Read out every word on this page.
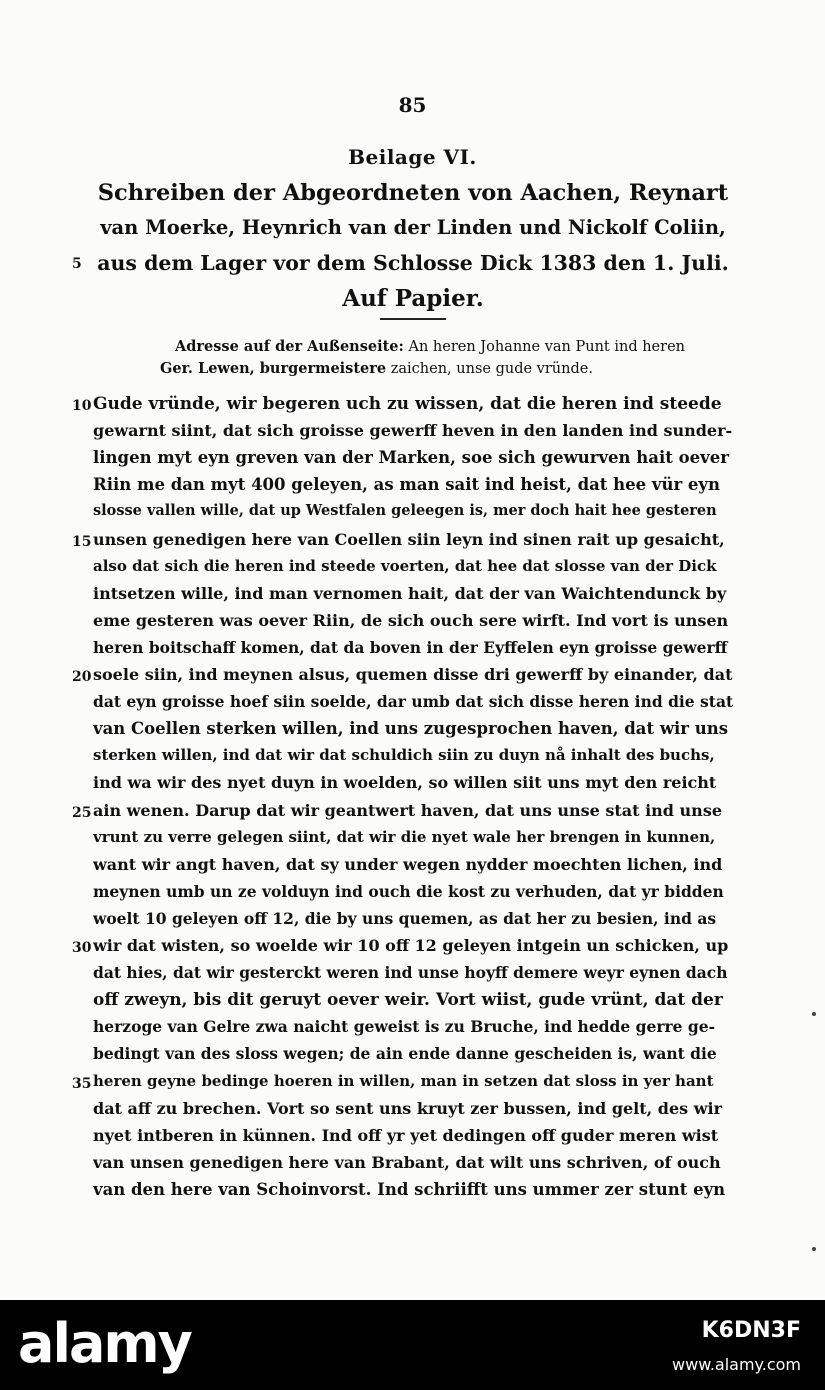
85
Beilage VI.
Schreiben der Abgeordneten von Aachen, Reynart
van Moerke, Heynrich van der Linden und Nickolf Coliin,
5 aus dem Lager vor dem Schlosse Dick 1383 den 1. Juli.
Auf Papier.
Adresse auf der Außenseite: An heren Johanne van Punt ind heren
Ger. Lewen, burgermeistere zaichen, unse gude vründe.
10 Gude vründe, wir begeren uch zu wissen, dat die heren ind steede
gewarnt siint, dat sich groisse gewerff heven in den landen ind sunder-
lingen myt eyn greven van der Marken, soe sich gewurven hait oever
Riin me dan myt 400 geleyen, as man sait ind heist, dat hee vür eyn
slosse vallen wille, dat up Westfalen geleegen is, mer doch hait hee gesteren
15 unsen genedigen here van Coellen siin leyn ind sinen rait up gesaicht,
also dat sich die heren ind steede voerten, dat hee dat slosse van der Dick
intsetzen wille, ind man vernomen hait, dat der van Waichtendunck by
eme gesteren was oever Riin, de sich ouch sere wirft. Ind vort is unsen
heren boitschaff komen, dat da boven in der Eyffelen eyn groisse gewerff
20 soele siin, ind meynen alsus, quemen disse dri gewerff by einander, dat
dat eyn groisse hoef siin soelde, dar umb dat sich disse heren ind die stat
van Coellen sterken willen, ind uns zugesprochen haven, dat wir uns
sterken willen, ind dat wir dat schuldich siin zu duyn nå inhalt des buchs,
ind wa wir des nyet duyn in woelden, so willen siit uns myt den reicht
25 ain wenen. Darup dat wir geantwert haven, dat uns unse stat ind unse
vrunt zu verre gelegen siint, dat wir die nyet wale her brengen in kunnen,
want wir angt haven, dat sy under wegen nydder moechten lichen, ind
meynen umb un ze volduyn ind ouch die kost zu verhuden, dat yr bidden
woelt 10 geleyen off 12, die by uns quemen, as dat her zu besien, ind as
30 wir dat wisten, so woelde wir 10 off 12 geleyen intgein un schicken, up
dat hies, dat wir gesterckt weren ind unse hoyff demere weyr eynen dach
off zweyn, bis dit geruyt oever weir. Vort wiist, gude vrünt, dat der
herzoge van Gelre zwa naicht geweist is zu Bruche, ind hedde gerre ge-
bedingt van des sloss wegen; de ain ende danne gescheiden is, want die
35 heren geyne bedinge hoeren in willen, man in setzen dat sloss in yer hant
dat aff zu brechen. Vort so sent uns kruyt zer bussen, ind gelt, des wir
nyet intberen in künnen. Ind off yr yet dedingen off guder meren wist
van unsen genedigen here van Brabant, dat wilt uns schriven, of ouch
van den here van Schoinvorst. Ind schriifft uns ummer zer stunt eyn
alamy	K6DN3F
www.alamy.com
